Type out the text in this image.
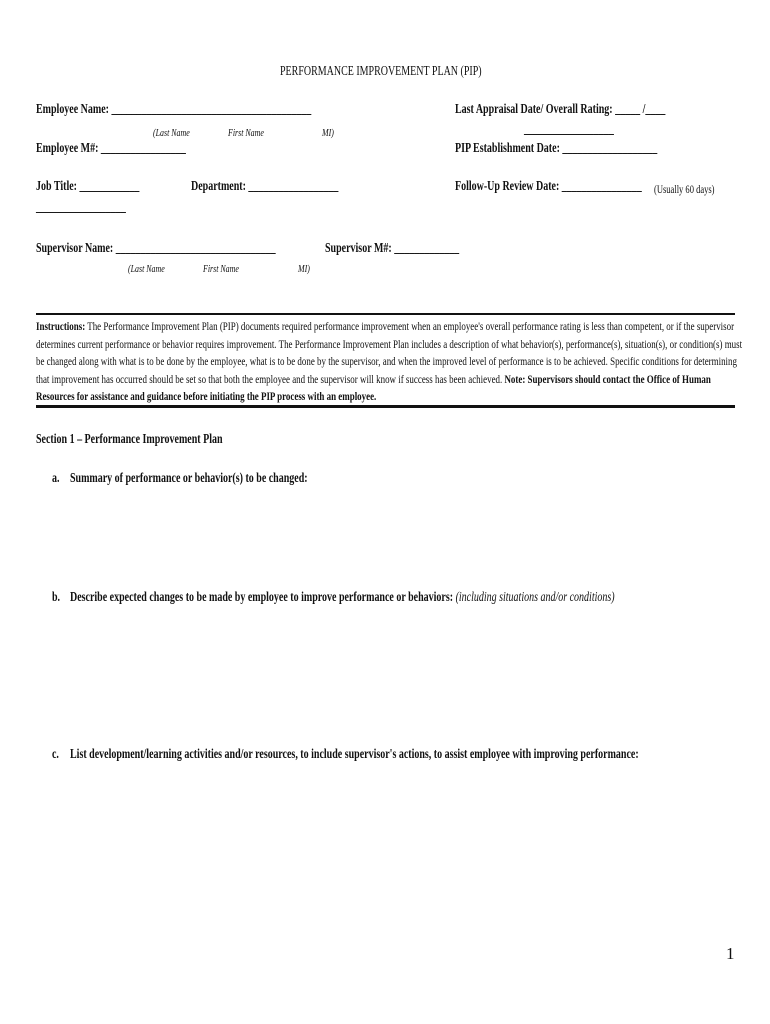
PERFORMANCE IMPROVEMENT PLAN (PIP)
Employee Name: ________________________________________
(Last Name	First Name	MI)
Employee M#: _________________
Job Title: ____________
__________________
Department: __________________
Last Appraisal Date/ Overall Rating: _____ /____
__________________
PIP Establishment Date: ___________________
Follow-Up Review Date: ________________	(Usually 60 days)
Supervisor Name: ________________________________
(Last Name	First Name	MI)
Supervisor M#: _____________
Instructions: The Performance Improvement Plan (PIP) documents required performance improvement when an employee's overall performance rating is less than competent, or if the supervisor
determines current performance or behavior requires improvement. The Performance Improvement Plan includes a description of what behavior(s), performance(s), situation(s), or condition(s) must
be changed along with what is to be done by the employee, what is to be done by the supervisor, and when the improved level of performance is to be achieved. Specific conditions for determining
that improvement has occurred should be set so that both the employee and the supervisor will know if success has been achieved. Note: Supervisors should contact the Office of Human
Resources for assistance and guidance before initiating the PIP process with an employee.
Section 1 – Performance Improvement Plan
a. Summary of performance or behavior(s) to be changed:
b. Describe expected changes to be made by employee to improve performance or behaviors: (including situations and/or conditions)
c. List development/learning activities and/or resources, to include supervisor's actions, to assist employee with improving performance:
1
